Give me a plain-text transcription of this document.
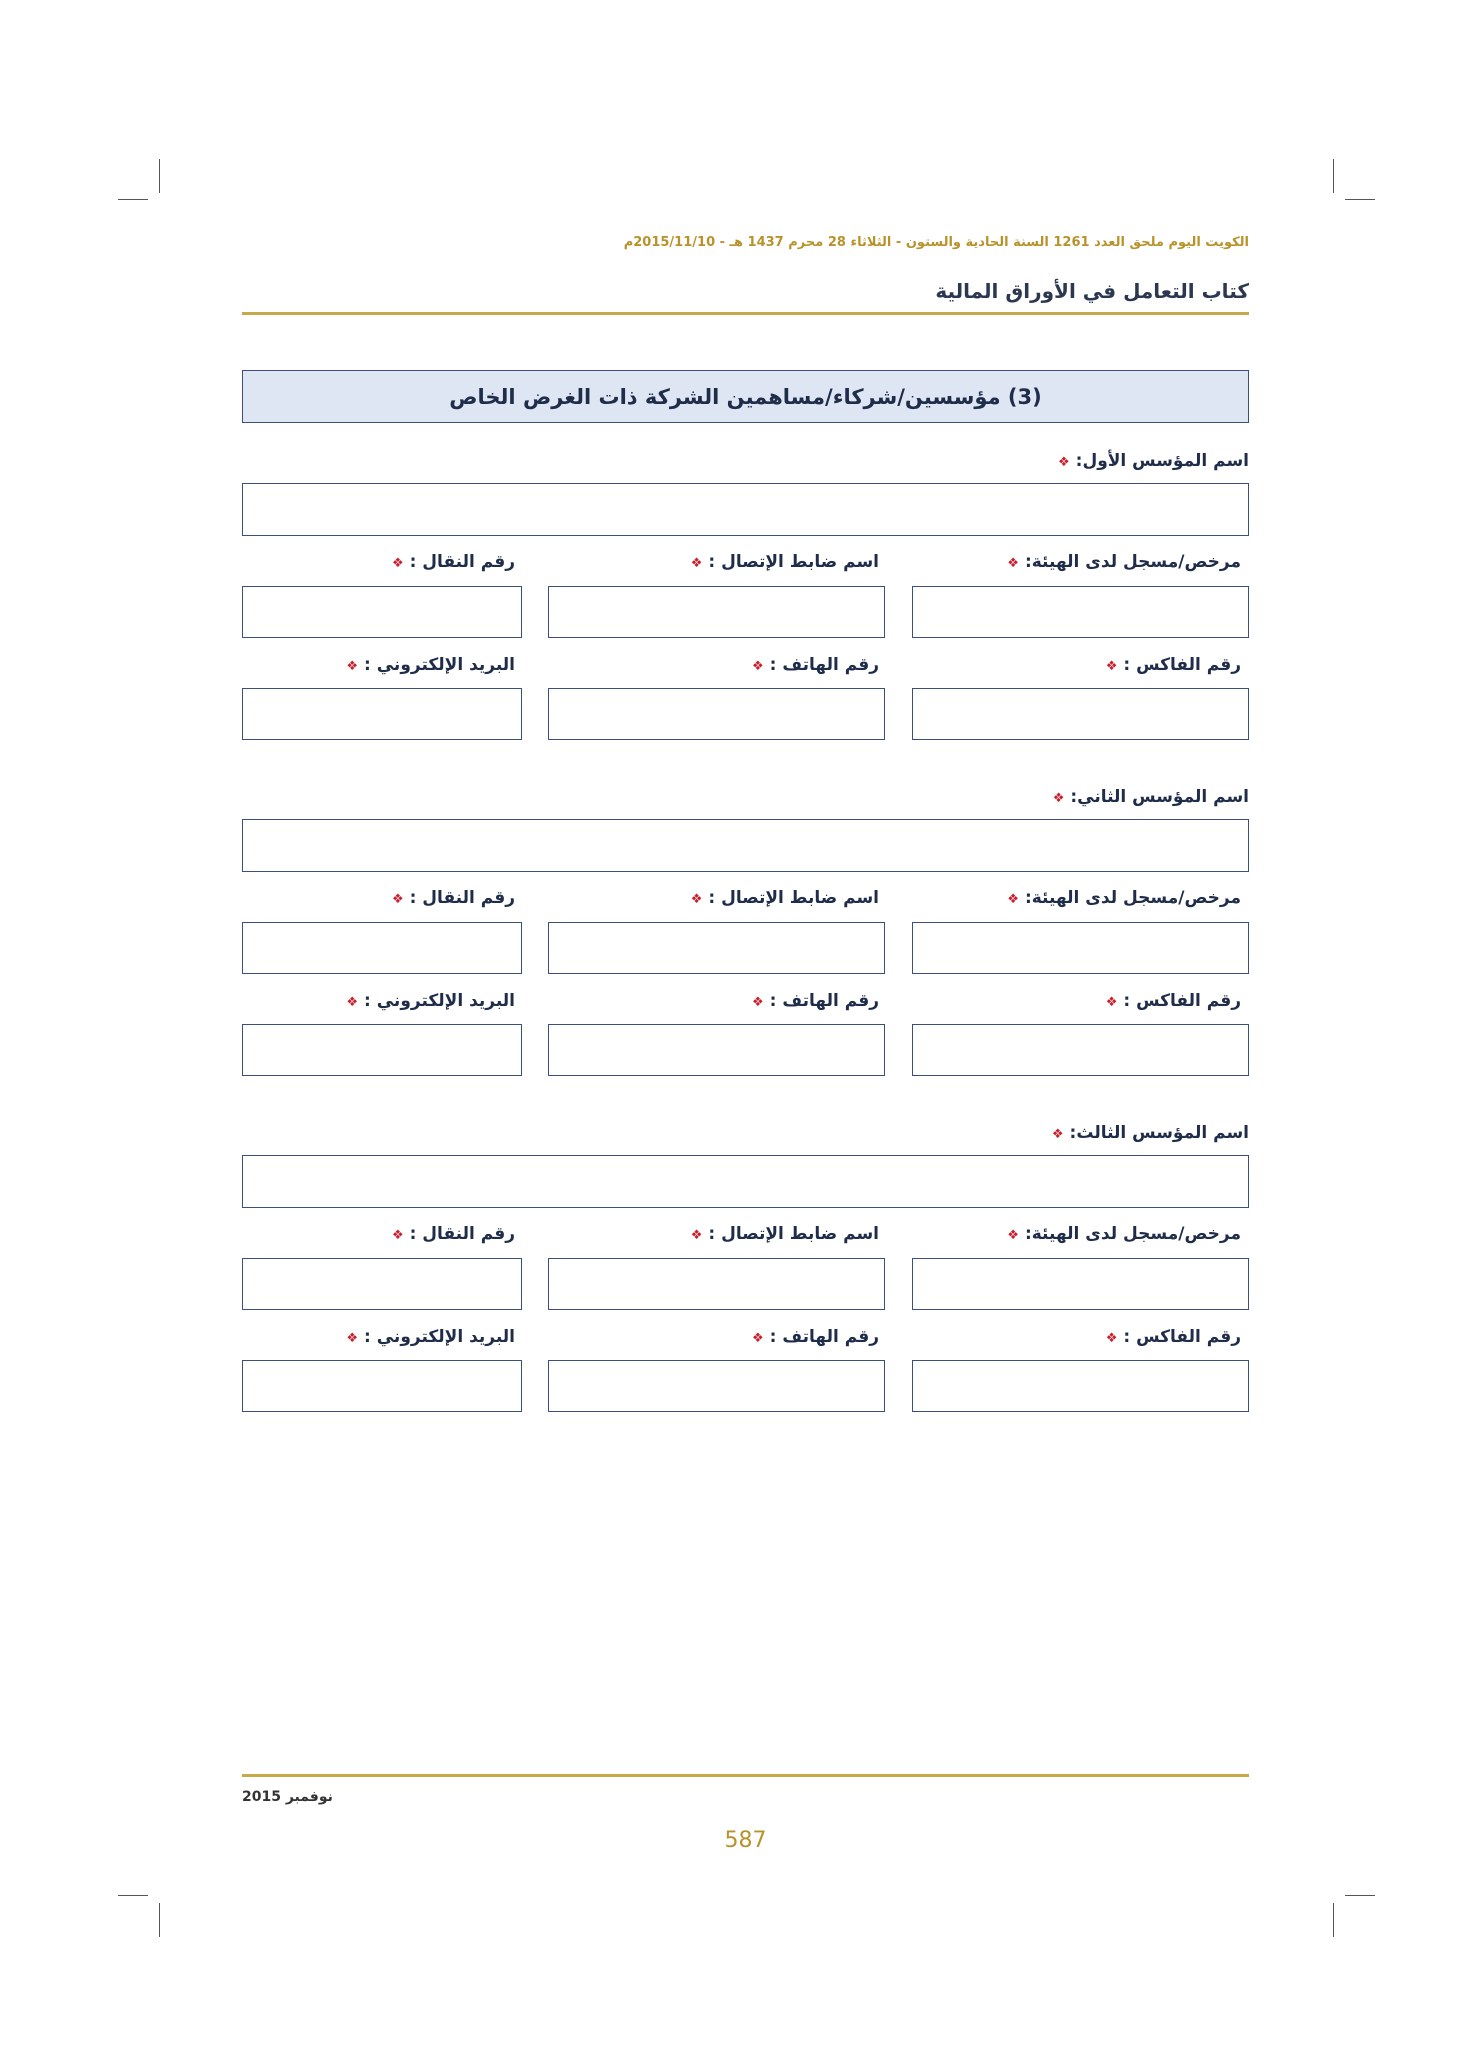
الكويت اليوم ملحق العدد 1261 السنة الحادية والستون - الثلاثاء 28 محرم 1437 هـ - 2015/11/10م
كتاب التعامل في الأوراق المالية
(3) مؤسسين/شركاء/مساهمين الشركة ذات الغرض الخاص
اسم المؤسس الأول:❖
مرخص/مسجل لدى الهيئة:❖
اسم ضابط الإتصال :❖
رقم النقال :❖
رقم الفاكس :❖
رقم الهاتف :❖
البريد الإلكتروني :❖
اسم المؤسس الثاني:❖
مرخص/مسجل لدى الهيئة:❖
اسم ضابط الإتصال :❖
رقم النقال :❖
رقم الفاكس :❖
رقم الهاتف :❖
البريد الإلكتروني :❖
اسم المؤسس الثالث:❖
مرخص/مسجل لدى الهيئة:❖
اسم ضابط الإتصال :❖
رقم النقال :❖
رقم الفاكس :❖
رقم الهاتف :❖
البريد الإلكتروني :❖
نوفمبر 2015
587
